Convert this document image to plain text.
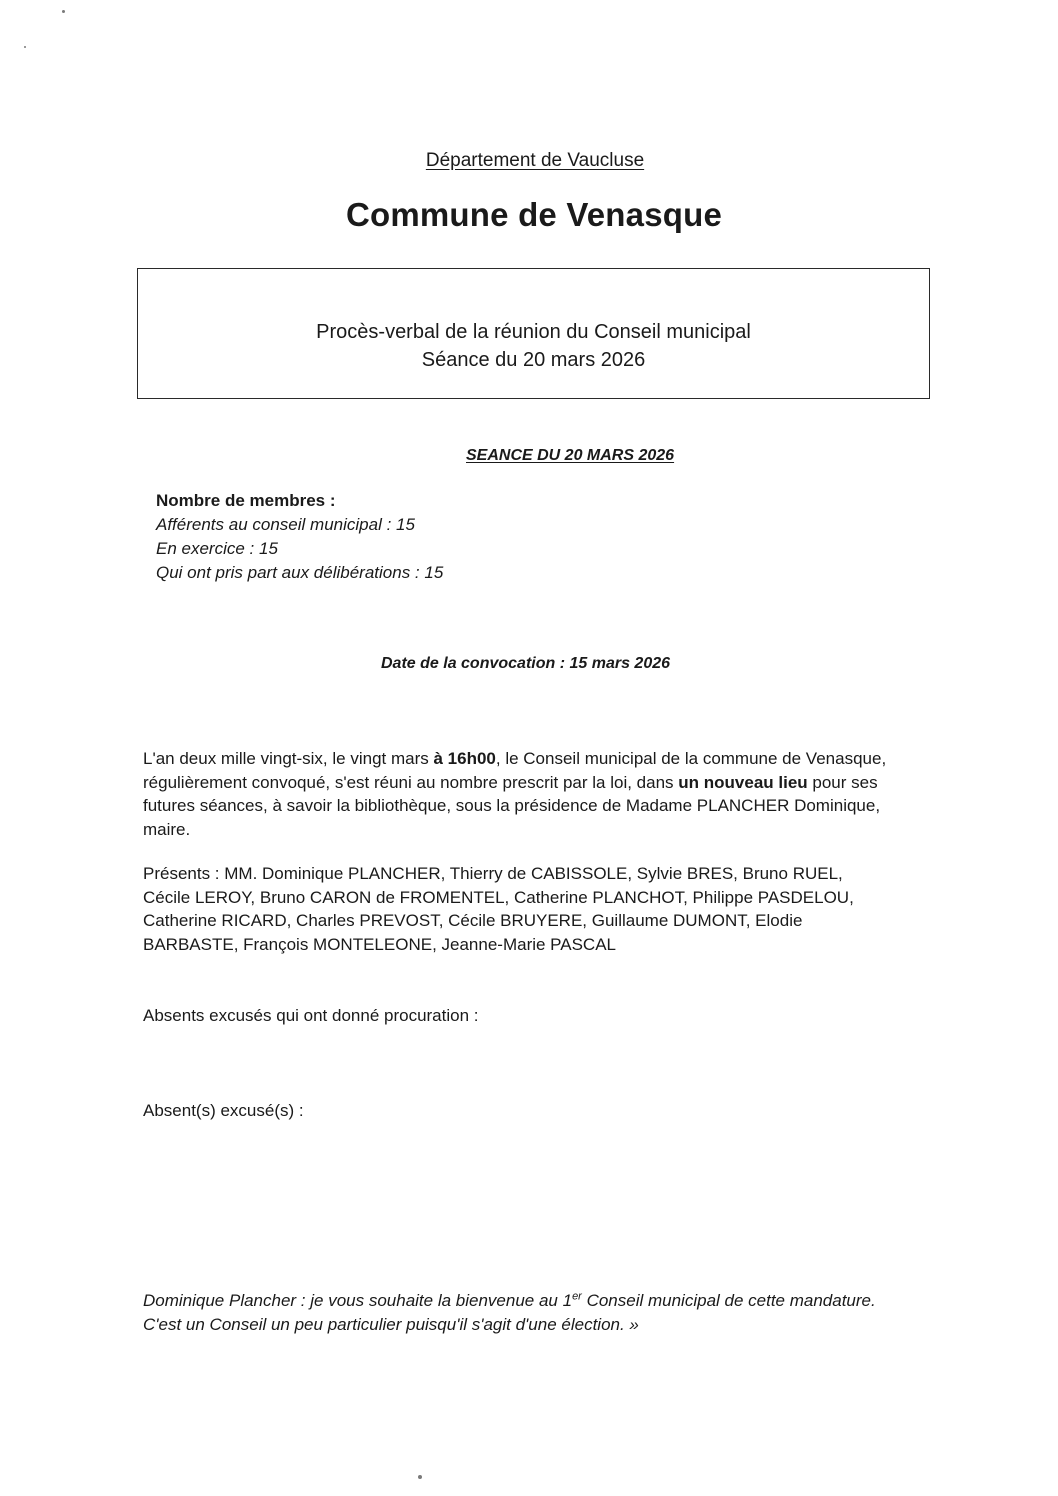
Département de Vaucluse
Commune de Venasque
Procès-verbal de la réunion du Conseil municipal
Séance du 20 mars 2026
SEANCE DU 20 MARS 2026
Nombre de membres :
Afférents au conseil municipal : 15
En exercice : 15
Qui ont pris part aux délibérations : 15
Date de la convocation : 15 mars 2026
L'an deux mille vingt-six, le vingt mars à 16h00, le Conseil municipal de la commune de Venasque, régulièrement convoqué, s'est réuni au nombre prescrit par la loi, dans un nouveau lieu pour ses futures séances, à savoir la bibliothèque, sous la présidence de Madame PLANCHER Dominique, maire.
Présents : MM. Dominique PLANCHER, Thierry de CABISSOLE, Sylvie BRES, Bruno RUEL, Cécile LEROY, Bruno CARON de FROMENTEL, Catherine PLANCHOT, Philippe PASDELOU, Catherine RICARD, Charles PREVOST, Cécile BRUYERE, Guillaume DUMONT, Elodie BARBASTE, François MONTELEONE, Jeanne-Marie PASCAL
Absents excusés qui ont donné procuration :
Absent(s) excusé(s) :
Dominique Plancher : je vous souhaite la bienvenue au 1er Conseil municipal de cette mandature. C'est un Conseil un peu particulier puisqu'il s'agit d'une élection. »
